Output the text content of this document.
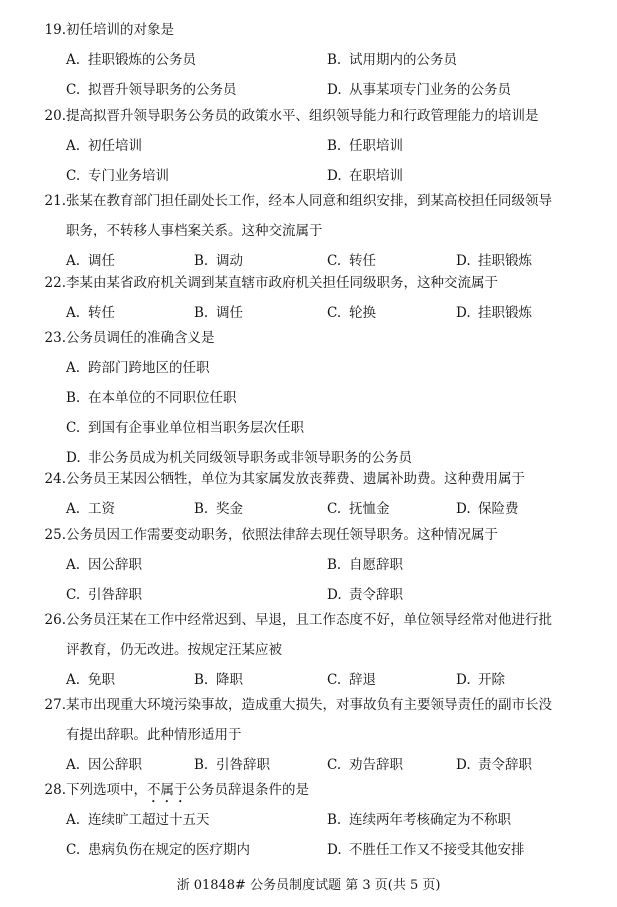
19. 初任培训的对象是
A. 挂职锻炼的公务员	B. 试用期内的公务员
C. 拟晋升领导职务的公务员	D. 从事某项专门业务的公务员
20. 提高拟晋升领导职务公务员的政策水平、组织领导能力和行政管理能力的培训是
A. 初任培训	B. 任职培训
C. 专门业务培训	D. 在职培训
21. 张某在教育部门担任副处长工作，经本人同意和组织安排，到某高校担任同级领导
职务，不转移人事档案关系。这种交流属于
A. 调任	B. 调动	C. 转任	D. 挂职锻炼
22. 李某由某省政府机关调到某直辖市政府机关担任同级职务，这种交流属于
A. 转任	B. 调任	C. 轮换	D. 挂职锻炼
23. 公务员调任的准确含义是
A. 跨部门跨地区的任职
B. 在本单位的不同职位任职
C. 到国有企事业单位相当职务层次任职
D. 非公务员成为机关同级领导职务或非领导职务的公务员
24. 公务员王某因公牺牲，单位为其家属发放丧葬费、遗属补助费。这种费用属于
A. 工资	B. 奖金	C. 抚恤金	D. 保险费
25. 公务员因工作需要变动职务，依照法律辞去现任领导职务。这种情况属于
A. 因公辞职	B. 自愿辞职
C. 引咎辞职	D. 责令辞职
26. 公务员汪某在工作中经常迟到、早退，且工作态度不好，单位领导经常对他进行批
评教育，仍无改进。按规定汪某应被
A. 免职	B. 降职	C. 辞退	D. 开除
27. 某市出现重大环境污染事故，造成重大损失，对事故负有主要领导责任的副市长没
有提出辞职。此种情形适用于
A. 因公辞职	B. 引咎辞职	C. 劝告辞职	D. 责令辞职
28. 下列选项中，不属于公务员辞退条件的是
A. 连续旷工超过十五天	B. 连续两年考核确定为不称职
C. 患病负伤在规定的医疗期内	D. 不胜任工作又不接受其他安排
浙 01848# 公务员制度试题 第 3 页(共 5 页)
